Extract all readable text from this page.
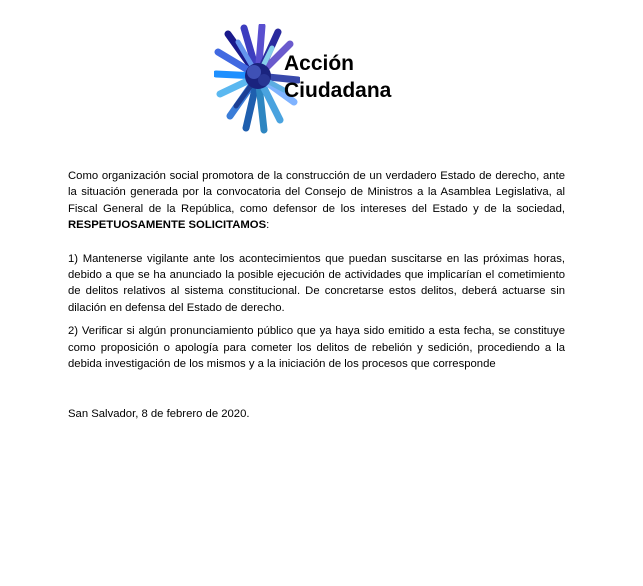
Acción
Ciudadana

Como organización social promotora de la construcción de un verdadero Estado de derecho, ante la situación generada por la convocatoria del Consejo de Ministros a la Asamblea Legislativa, al Fiscal General de la República, como defensor de los intereses del Estado y de la sociedad, RESPETUOSAMENTE SOLICITAMOS:

1) Mantenerse vigilante ante los acontecimientos que puedan suscitarse en las próximas horas, debido a que se ha anunciado la posible ejecución de actividades que implicarían el cometimiento de delitos relativos al sistema constitucional. De concretarse estos delitos, deberá actuarse sin dilación en defensa del Estado de derecho.

2) Verificar si algún pronunciamiento público que ya haya sido emitido a esta fecha, se constituye como proposición o apología para cometer los delitos de rebelión y sedición, procediendo a la debida investigación de los mismos y a la iniciación de los procesos que corresponde

San Salvador, 8 de febrero de 2020.
